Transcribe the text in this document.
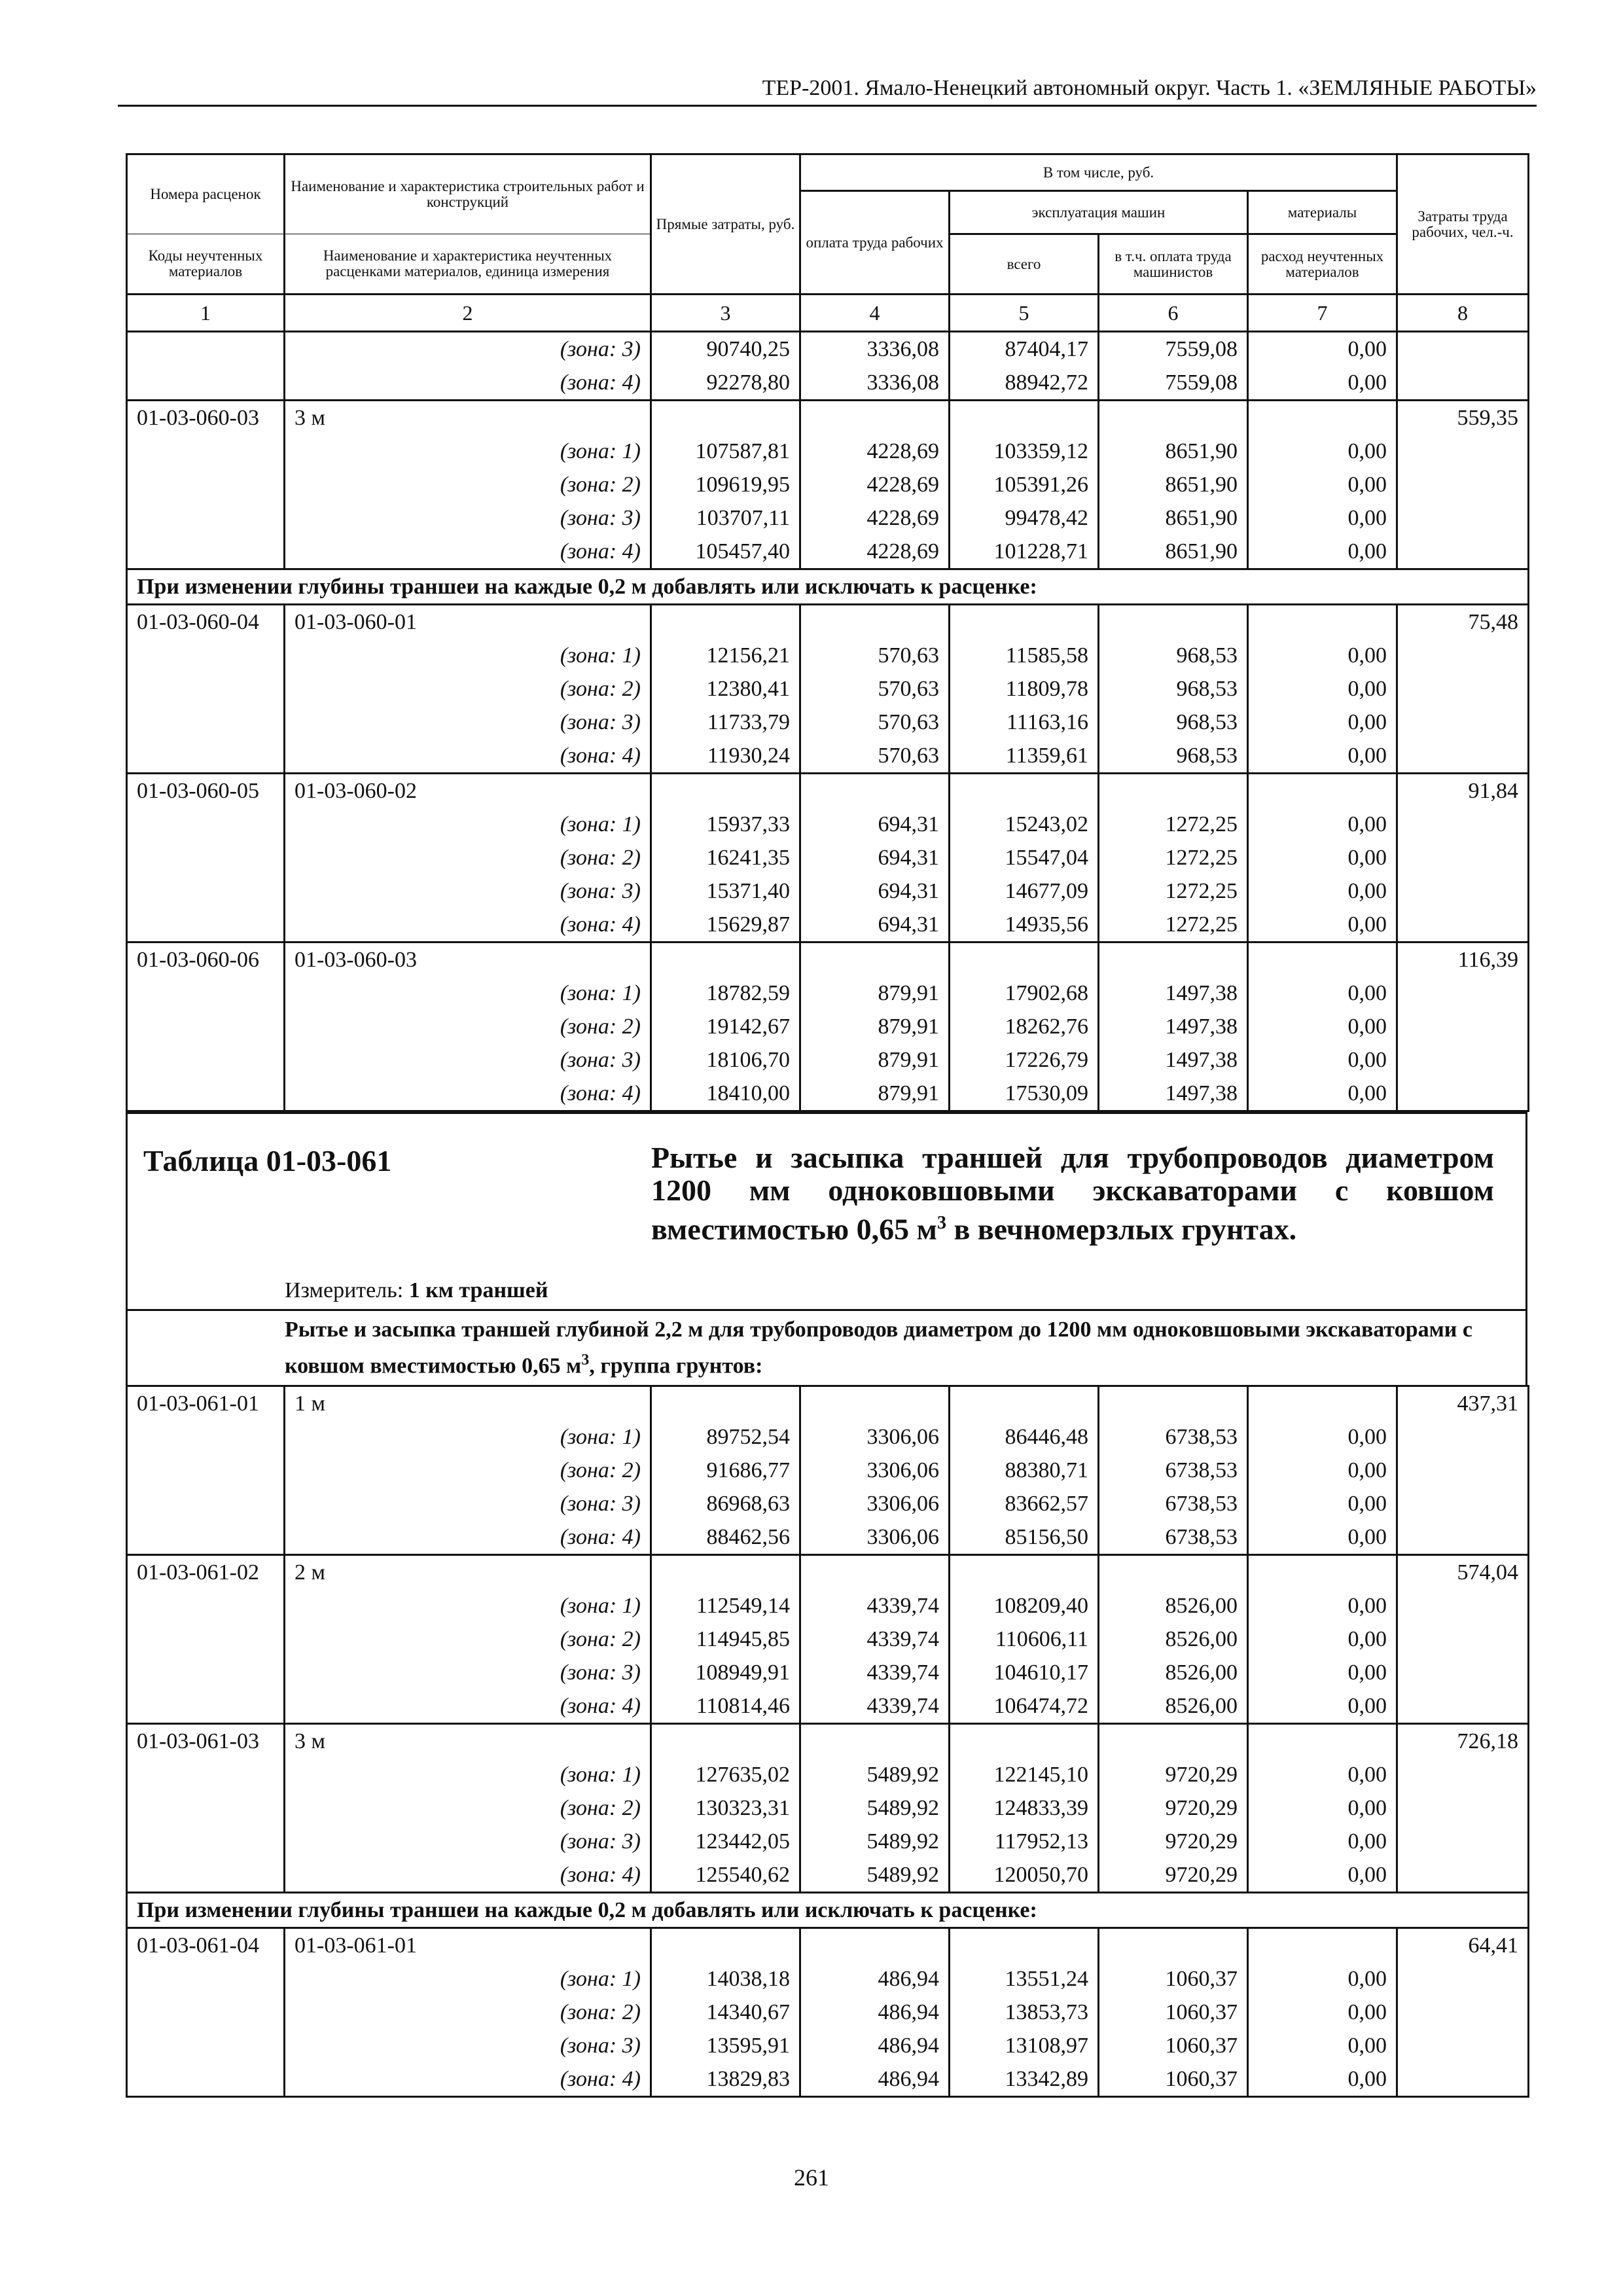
ТЕР-2001. Ямало-Ненецкий автономный округ. Часть 1. «ЗЕМЛЯНЫЕ РАБОТЫ»
Номера расценок	Наименование и характеристика строительных работ и конструкций	Прямые затраты, руб.	В том числе, руб.				Затраты труда рабочих, чел.-ч.
			оплата труда рабочих	эксплуатация машин		материалы	
Коды неучтенных материалов	Наименование и характеристика неучтенных расценками материалов, единица измерения			всего	в т.ч. оплата труда машинистов	расход неучтенных материалов	
1	2	3	4	5	6	7	8
	(зона: 3)	90740,25	3336,08	87404,17	7559,08	0,00	
	(зона: 4)	92278,80	3336,08	88942,72	7559,08	0,00	
01-03-060-03	3 м						559,35
	(зона: 1)	107587,81	4228,69	103359,12	8651,90	0,00	
	(зона: 2)	109619,95	4228,69	105391,26	8651,90	0,00	
	(зона: 3)	103707,11	4228,69	99478,42	8651,90	0,00	
	(зона: 4)	105457,40	4228,69	101228,71	8651,90	0,00	
При изменении глубины траншеи на каждые 0,2 м добавлять или исключать к расценке:							
01-03-060-04	01-03-060-01						75,48
	(зона: 1)	12156,21	570,63	11585,58	968,53	0,00	
	(зона: 2)	12380,41	570,63	11809,78	968,53	0,00	
	(зона: 3)	11733,79	570,63	11163,16	968,53	0,00	
	(зона: 4)	11930,24	570,63	11359,61	968,53	0,00	
01-03-060-05	01-03-060-02						91,84
	(зона: 1)	15937,33	694,31	15243,02	1272,25	0,00	
	(зона: 2)	16241,35	694,31	15547,04	1272,25	0,00	
	(зона: 3)	15371,40	694,31	14677,09	1272,25	0,00	
	(зона: 4)	15629,87	694,31	14935,56	1272,25	0,00	
01-03-060-06	01-03-060-03						116,39
	(зона: 1)	18782,59	879,91	17902,68	1497,38	0,00	
	(зона: 2)	19142,67	879,91	18262,76	1497,38	0,00	
	(зона: 3)	18106,70	879,91	17226,79	1497,38	0,00	
	(зона: 4)	18410,00	879,91	17530,09	1497,38	0,00	
Таблица 01-03-061	Рытье и засыпка траншей для трубопроводов диаметром 1200 мм одноковшовыми экскаваторами с ковшом вместимостью 0,65 $м^3$ в вечномерзлых грунтах.
Измеритель: 1 км траншей
Рытье и засыпка траншей глубиной 2,2 м для трубопроводов диаметром до 1200 мм одноковшовыми экскаваторами с ковшом вместимостью 0,65 $м^3$, группа грунтов:
01-03-061-01	1 м						437,31
	(зона: 1)	89752,54	3306,06	86446,48	6738,53	0,00	
	(зона: 2)	91686,77	3306,06	88380,71	6738,53	0,00	
	(зона: 3)	86968,63	3306,06	83662,57	6738,53	0,00	
	(зона: 4)	88462,56	3306,06	85156,50	6738,53	0,00	
01-03-061-02	2 м						574,04
	(зона: 1)	112549,14	4339,74	108209,40	8526,00	0,00	
	(зона: 2)	114945,85	4339,74	110606,11	8526,00	0,00	
	(зона: 3)	108949,91	4339,74	104610,17	8526,00	0,00	
	(зона: 4)	110814,46	4339,74	106474,72	8526,00	0,00	
01-03-061-03	3 м						726,18
	(зона: 1)	127635,02	5489,92	122145,10	9720,29	0,00	
	(зона: 2)	130323,31	5489,92	124833,39	9720,29	0,00	
	(зона: 3)	123442,05	5489,92	117952,13	9720,29	0,00	
	(зона: 4)	125540,62	5489,92	120050,70	9720,29	0,00	
При изменении глубины траншеи на каждые 0,2 м добавлять или исключать к расценке:							
01-03-061-04	01-03-061-01						64,41
	(зона: 1)	14038,18	486,94	13551,24	1060,37	0,00	
	(зона: 2)	14340,67	486,94	13853,73	1060,37	0,00	
	(зона: 3)	13595,91	486,94	13108,97	1060,37	0,00	
	(зона: 4)	13829,83	486,94	13342,89	1060,37	0,00	
261
